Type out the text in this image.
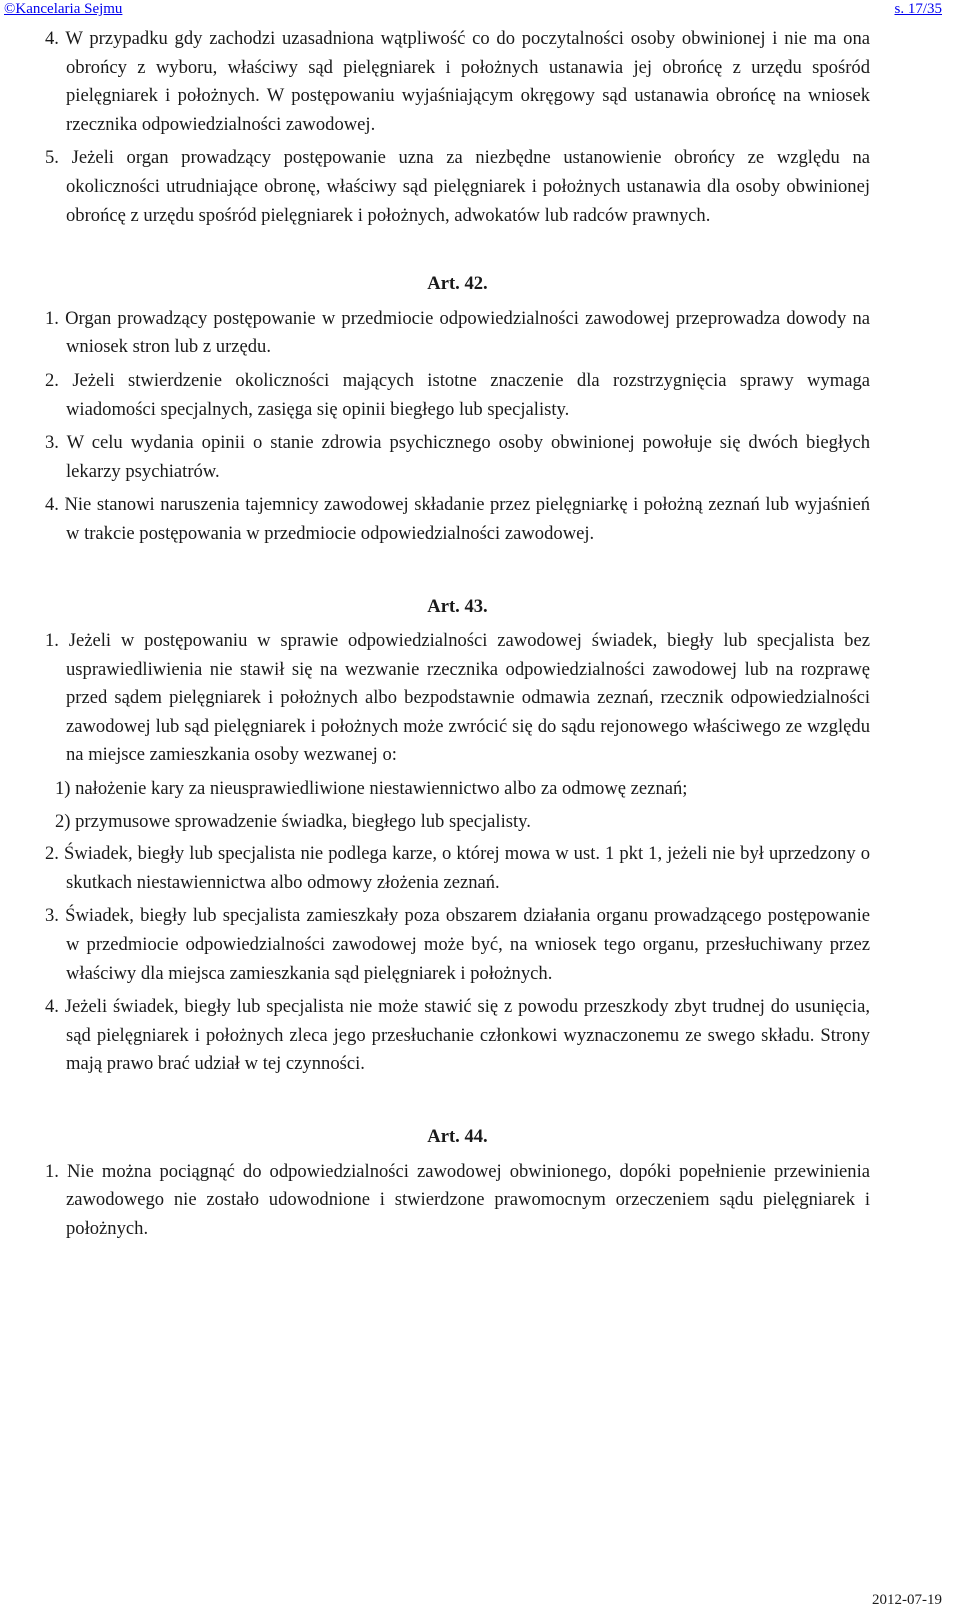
©Kancelaria Sejmu	s. 17/35

4. W przypadku gdy zachodzi uzasadniona wątpliwość co do poczytalności osoby obwinionej i nie ma ona obrońcy z wyboru, właściwy sąd pielęgniarek i położnych ustanawia jej obrońcę z urzędu spośród pielęgniarek i położnych. W postępowaniu wyjaśniającym okręgowy sąd ustanawia obrońcę na wniosek rzecznika odpowiedzialności zawodowej.

5. Jeżeli organ prowadzący postępowanie uzna za niezbędne ustanowienie obrońcy ze względu na okoliczności utrudniające obronę, właściwy sąd pielęgniarek i położnych ustanawia dla osoby obwinionej obrońcę z urzędu spośród pielęgniarek i położnych, adwokatów lub radców prawnych.

Art. 42.

1. Organ prowadzący postępowanie w przedmiocie odpowiedzialności zawodowej przeprowadza dowody na wniosek stron lub z urzędu.

2. Jeżeli stwierdzenie okoliczności mających istotne znaczenie dla rozstrzygnięcia sprawy wymaga wiadomości specjalnych, zasięga się opinii biegłego lub specjalisty.

3. W celu wydania opinii o stanie zdrowia psychicznego osoby obwinionej powołuje się dwóch biegłych lekarzy psychiatrów.

4. Nie stanowi naruszenia tajemnicy zawodowej składanie przez pielęgniarkę i położną zeznań lub wyjaśnień w trakcie postępowania w przedmiocie odpowiedzialności zawodowej.

Art. 43.

1. Jeżeli w postępowaniu w sprawie odpowiedzialności zawodowej świadek, biegły lub specjalista bez usprawiedliwienia nie stawił się na wezwanie rzecznika odpowiedzialności zawodowej lub na rozprawę przed sądem pielęgniarek i położnych albo bezpodstawnie odmawia zeznań, rzecznik odpowiedzialności zawodowej lub sąd pielęgniarek i położnych może zwrócić się do sądu rejonowego właściwego ze względu na miejsce zamieszkania osoby wezwanej o:

1) nałożenie kary za nieusprawiedliwione niestawiennictwo albo za odmowę zeznań;

2) przymusowe sprowadzenie świadka, biegłego lub specjalisty.

2. Świadek, biegły lub specjalista nie podlega karze, o której mowa w ust. 1 pkt 1, jeżeli nie był uprzedzony o skutkach niestawiennictwa albo odmowy złożenia zeznań.

3. Świadek, biegły lub specjalista zamieszkały poza obszarem działania organu prowadzącego postępowanie w przedmiocie odpowiedzialności zawodowej może być, na wniosek tego organu, przesłuchiwany przez właściwy dla miejsca zamieszkania sąd pielęgniarek i położnych.

4. Jeżeli świadek, biegły lub specjalista nie może stawić się z powodu przeszkody zbyt trudnej do usunięcia, sąd pielęgniarek i położnych zleca jego przesłuchanie członkowi wyznaczonemu ze swego składu. Strony mają prawo brać udział w tej czynności.

Art. 44.

1. Nie można pociągnąć do odpowiedzialności zawodowej obwinionego, dopóki popełnienie przewinienia zawodowego nie zostało udowodnione i stwierdzone prawomocnym orzeczeniem sądu pielęgniarek i położnych.

2012-07-19
